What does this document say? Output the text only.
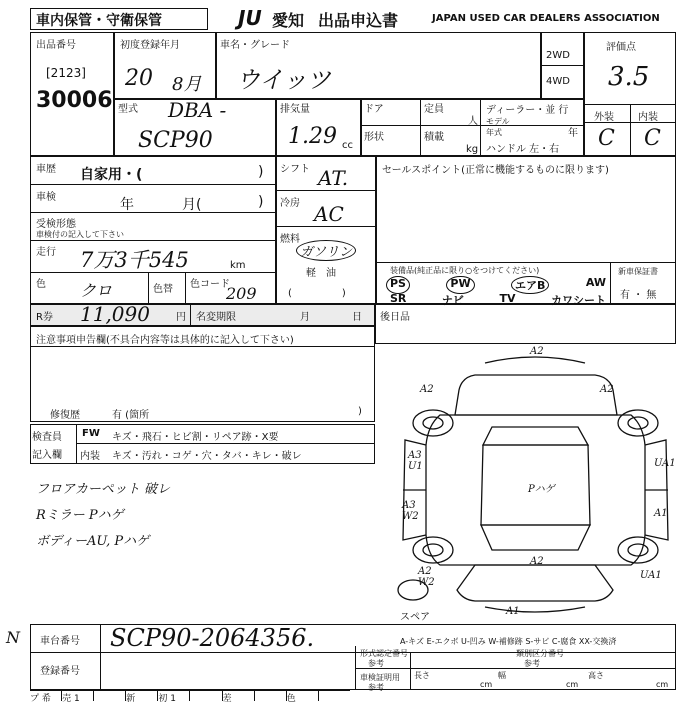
車内保管・守衛保管	JU 愛知 出品申込書	JAPAN USED CAR DEALERS ASSOCIATION
出品番号
[2123]
30006
初度登録年月
20 8月
車名・グレード
ウイッツ
2WD
4WD
評価点
3.5
外装 内装
C C
型式 DBA -
SCP90
排気量
1.29 cc
ドア
形状
定員
人
積載
kg
ディーラー・並 行
モデル 年式	年
ハンドル 左・右
車歴 自家用・(	)
車検	年	月(	)
受検形態
車検付の記入して下さい
走行 7万3千545	km
色 クロ	色替 色コード
209
シフト AT.
冷房 AC
燃料
ガソリン
軽　油
(　　　　　)
セールスポイント(正常に機能するものに限ります)
装備品(純正品に限り○をつけてください)
PS	PW	エアB	AW
SR	ナビ	TV	カワシート
新車保証書
有 ・ 無
R券 11,090	円 名変期限	月	日 後日品
注意事項申告欄(不具合内容等は具体的に記入して下さい)
修復歴	有 (箇所	)
検査員
記入欄
FW キズ・飛石・ヒビ割・リペア跡・X要
内装 キズ・汚れ・コゲ・穴・タバ・キレ・破レ
フロアカーペット 破レ
Rミラー Pハゲ
ボディーAU, Pハゲ
A2
A2	A2
A3 U1	UA1
A3 W2	A1
Pハゲ
A2
A2 W2
UA1
A1
スペア
A-キズ E-エクボ U-凹み W-補修跡 S-サビ C-腐食 XX-交換済
N 車台番号 SCP90-2064356.
登録番号
形式認定番号
参考
類別区分番号
参考
車検証明用
参考
長さ
cm
幅
cm
高さ
cm
プ 希	売 1	新	初 1	差	色
